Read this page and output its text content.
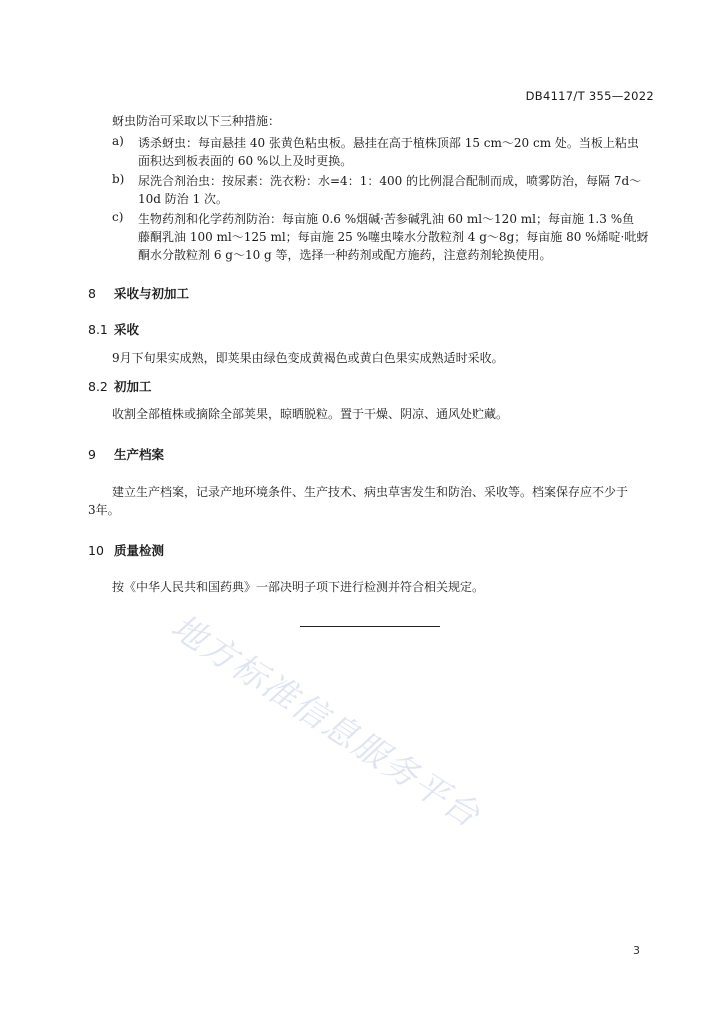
DB4117/T 355—2022
蚜虫防治可采取以下三种措施：
a) 诱杀蚜虫：每亩悬挂 40 张黄色粘虫板。悬挂在高于植株顶部 15 cm～20 cm 处。当板上粘虫
面积达到板表面的 60 %以上及时更换。
b) 尿洗合剂治虫：按尿素：洗衣粉：水=4：1：400 的比例混合配制而成，喷雾防治，每隔 7d～
10d 防治 1 次。
c) 生物药剂和化学药剂防治：每亩施 0.6 %烟碱·苦参碱乳油 60 ml～120 ml；每亩施 1.3 %鱼
藤酮乳油 100 ml～125 ml；每亩施 25 %噻虫嗪水分散粒剂 4 g～8g；每亩施 80 %烯啶·吡蚜
酮水分散粒剂 6 g～10 g 等，选择一种药剂或配方施药，注意药剂轮换使用。
8 采收与初加工
8.1 采收
9月下旬果实成熟，即荚果由绿色变成黄褐色或黄白色果实成熟适时采收。
8.2 初加工
收割全部植株或摘除全部荚果，晾晒脱粒。置于干燥、阴凉、通风处贮藏。
9 生产档案
建立生产档案，记录产地环境条件、生产技术、病虫草害发生和防治、采收等。档案保存应不少于
3年。
10 质量检测
按《中华人民共和国药典》一部决明子项下进行检测并符合相关规定。
地方标准信息服务平台
3
